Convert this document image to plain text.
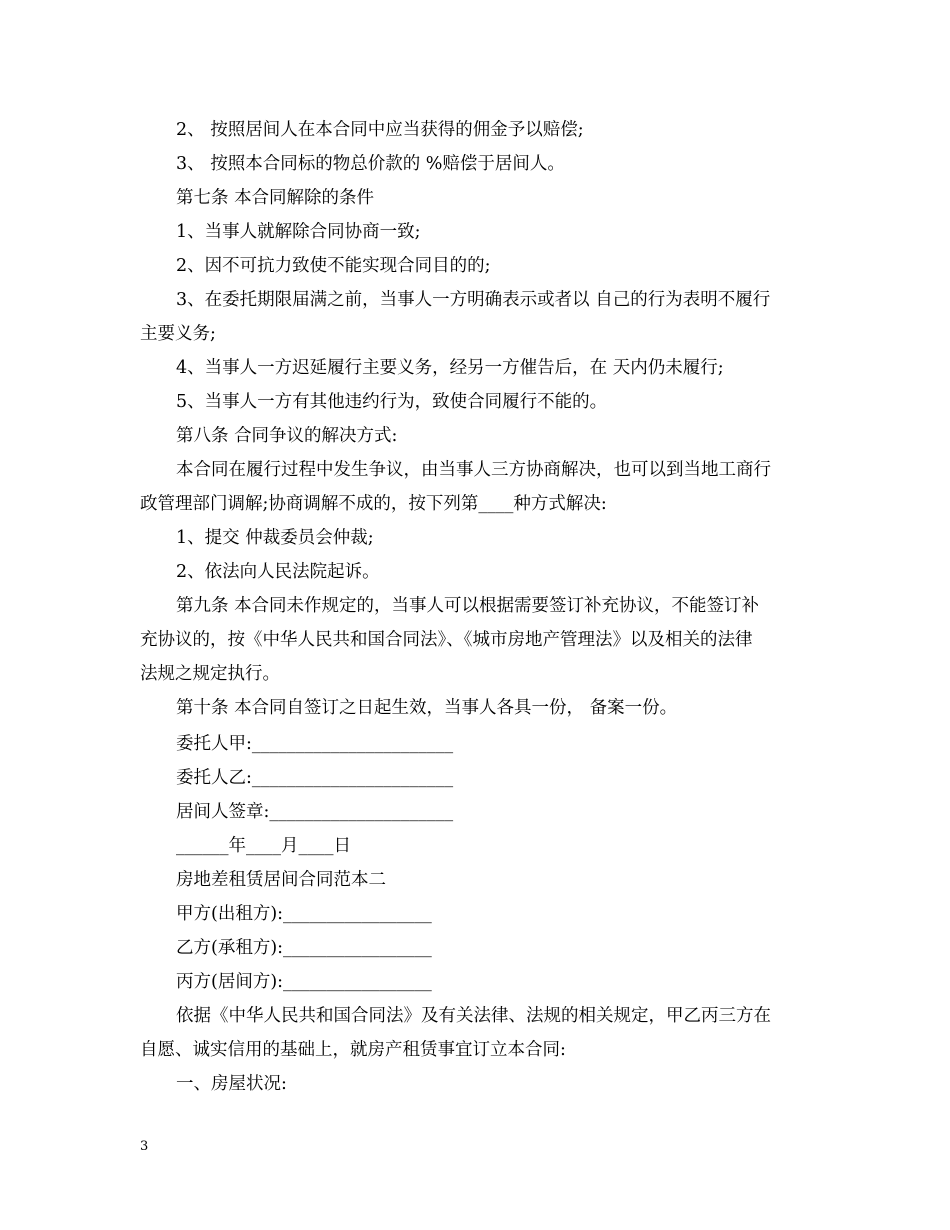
2、 按照居间人在本合同中应当获得的佣金予以赔偿;
3、 按照本合同标的物总价款的 %赔偿于居间人。
第七条 本合同解除的条件
1、当事人就解除合同协商一致;
2、因不可抗力致使不能实现合同目的的;
3、在委托期限届满之前，当事人一方明确表示或者以 自己的行为表明不履行
主要义务;
4、当事人一方迟延履行主要义务，经另一方催告后，在 天内仍未履行;
5、当事人一方有其他违约行为，致使合同履行不能的。
第八条 合同争议的解决方式:
本合同在履行过程中发生争议，由当事人三方协商解决，也可以到当地工商行
政管理部门调解;协商调解不成的，按下列第____种方式解决:
1、提交 仲裁委员会仲裁;
2、依法向人民法院起诉。
第九条 本合同未作规定的，当事人可以根据需要签订补充协议，不能签订补
充协议的，按《中华人民共和国合同法》、《城市房地产管理法》以及相关的法律
法规之规定执行。
第十条 本合同自签订之日起生效，当事人各具一份， 备案一份。
委托人甲:_______________________
委托人乙:_______________________
居间人签章:_____________________
______年____月____日
房地差租赁居间合同范本二
甲方(出租方):_________________
乙方(承租方):_________________
丙方(居间方):_________________
依据《中华人民共和国合同法》及有关法律、法规的相关规定，甲乙丙三方在
自愿、诚实信用的基础上，就房产租赁事宜订立本合同:
一、房屋状况:
3
